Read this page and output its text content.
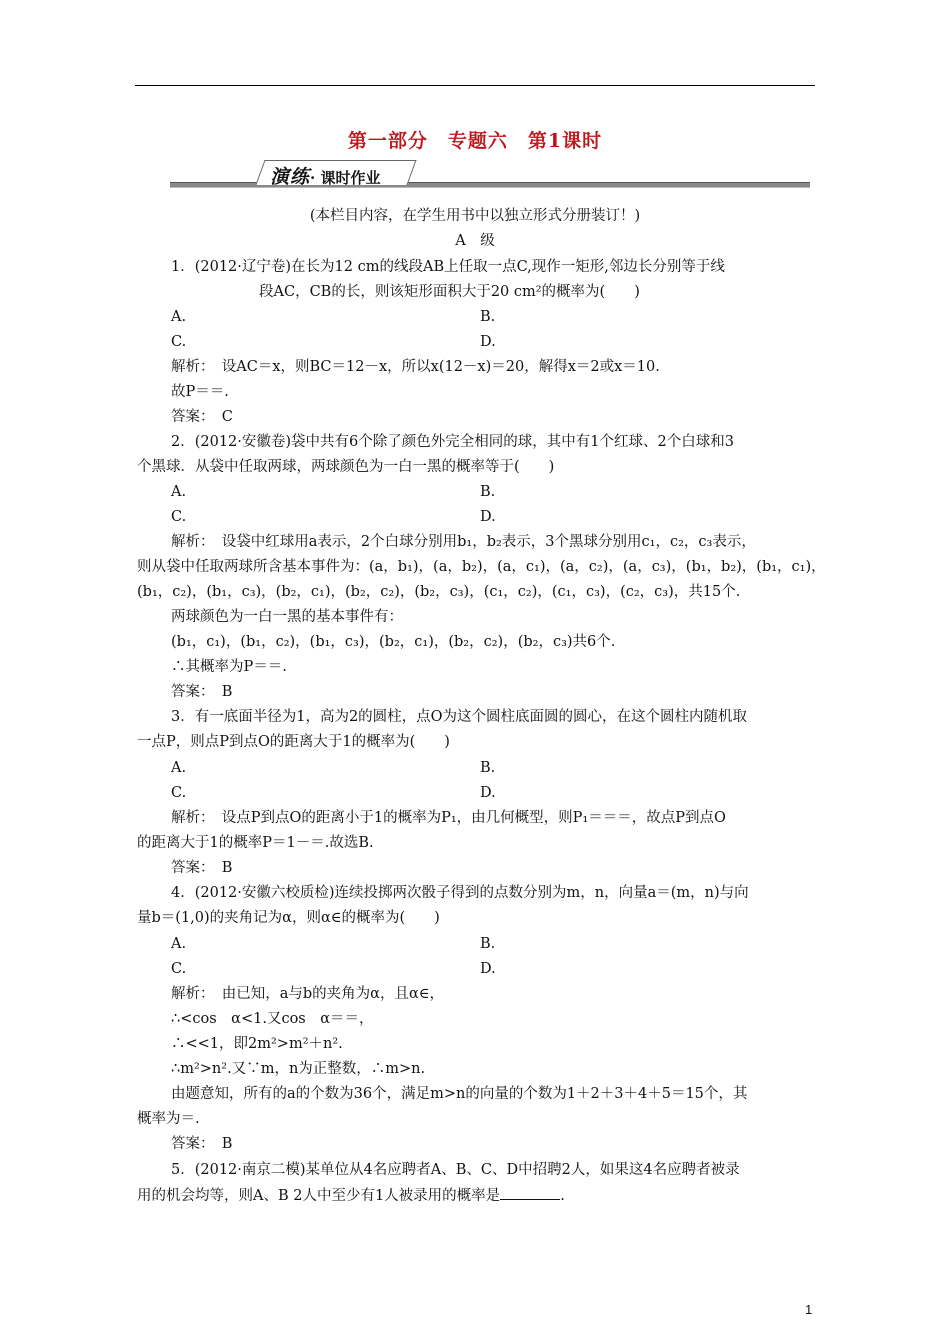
第一部分　专题六　第1课时
演练· 课时作业
(本栏目内容，在学生用书中以独立形式分册装订！)
A　级
1．(2012·辽宁卷)在长为12 cm的线段AB上任取一点C,现作一矩形,邻边长分别等于线
段AC，CB的长，则该矩形面积大于20 cm²的概率为(　　)
A.	B.
C.	D.
解析：　设AC＝x，则BC＝12－x，所以x(12－x)＝20，解得x＝2或x＝10.
故P＝＝.
答案：　C
2．(2012·安徽卷)袋中共有6个除了颜色外完全相同的球，其中有1个红球、2个白球和3
个黑球．从袋中任取两球，两球颜色为一白一黑的概率等于(　　)
A.	B.
C.	D.
解析：　设袋中红球用a表示，2个白球分别用b₁，b₂表示，3个黑球分别用c₁，c₂，c₃表示，
则从袋中任取两球所含基本事件为：(a，b₁)，(a，b₂)，(a，c₁)，(a，c₂)，(a，c₃)，(b₁，b₂)，(b₁，c₁)，
(b₁，c₂)，(b₁，c₃)，(b₂，c₁)，(b₂，c₂)，(b₂，c₃)，(c₁，c₂)，(c₁，c₃)，(c₂，c₃)，共15个.
两球颜色为一白一黑的基本事件有：
(b₁，c₁)，(b₁，c₂)，(b₁，c₃)，(b₂，c₁)，(b₂，c₂)，(b₂，c₃)共6个.
∴其概率为P＝＝.
答案：　B
3．有一底面半径为1，高为2的圆柱，点O为这个圆柱底面圆的圆心，在这个圆柱内随机取
一点P，则点P到点O的距离大于1的概率为(　　)
A.	B.
C.	D.
解析：　设点P到点O的距离小于1的概率为P₁，由几何概型，则P₁＝＝＝，故点P到点O
的距离大于1的概率P＝1－＝.故选B.
答案：　B
4．(2012·安徽六校质检)连续投掷两次骰子得到的点数分别为m，n，向量a＝(m，n)与向
量b＝(1,0)的夹角记为α，则α∈的概率为(　　)
A.	B.
C.	D.
解析：　由已知，a与b的夹角为α，且α∈，
∴<cos　α<1.又cos　α＝＝，
∴<<1，即2m²>m²＋n².
∴m²>n².又∵m，n为正整数，∴m>n.
由题意知，所有的a的个数为36个，满足m>n的向量的个数为1＋2＋3＋4＋5＝15个，其
概率为＝.
答案：　B
5．(2012·南京二模)某单位从4名应聘者A、B、C、D中招聘2人，如果这4名应聘者被录
用的机会均等，则A、B 2人中至少有1人被录用的概率是	.
1
